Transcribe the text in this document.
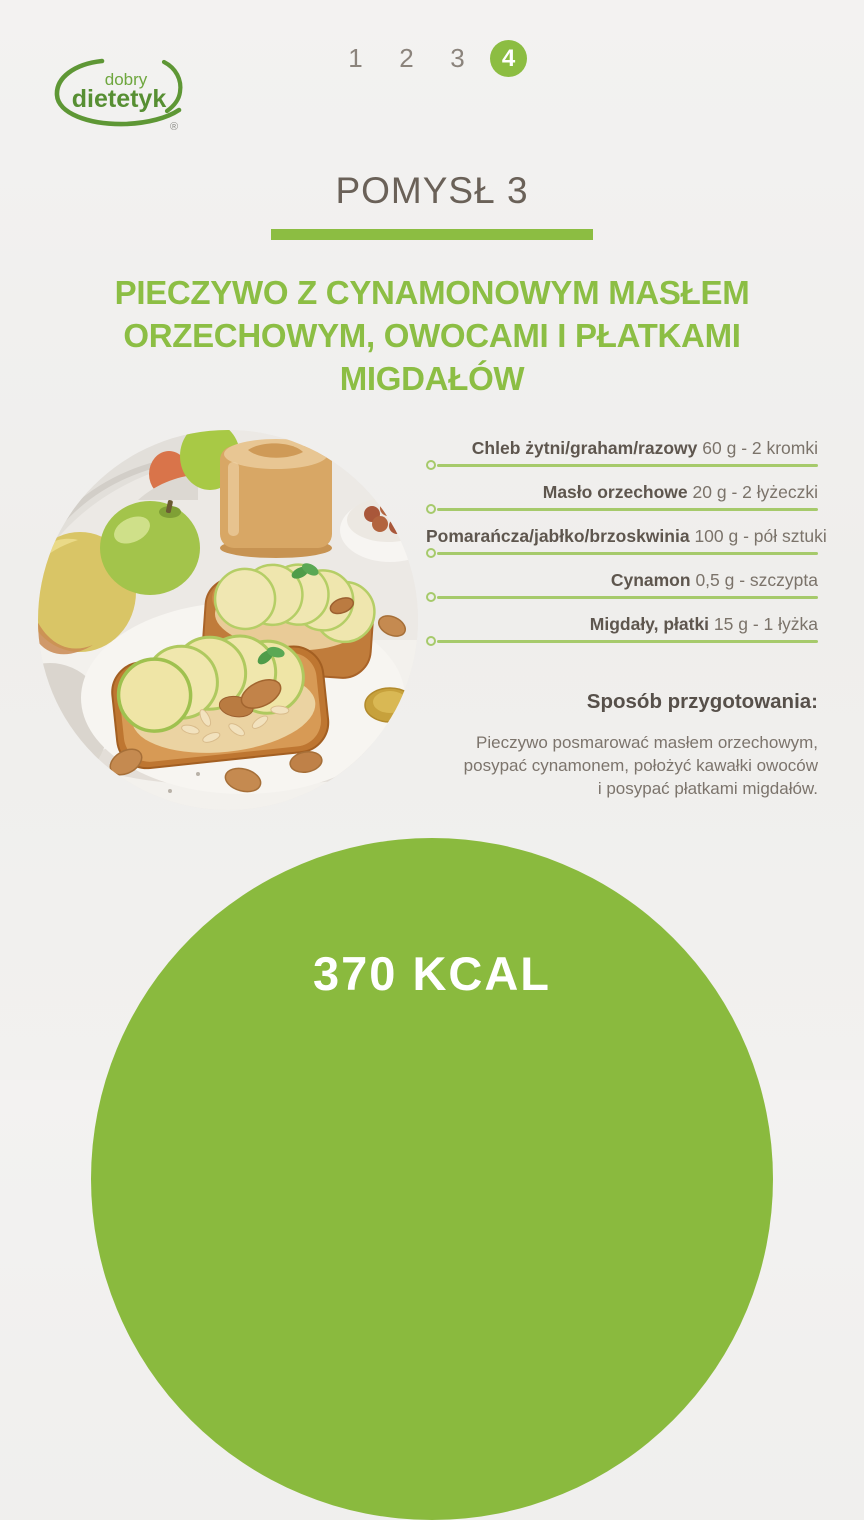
dobry
dietetyk
®
1	2	3	4
POMYSŁ 3
PIECZYWO Z CYNAMONOWYM MASŁEM
ORZECHOWYM, OWOCAMI I PŁATKAMI
MIGDAŁÓW
Chleb żytni/graham/razowy 60 g - 2 kromki
Masło orzechowe 20 g - 2 łyżeczki
Pomarańcza/jabłko/brzoskwinia 100 g - pół sztuki
Cynamon 0,5 g - szczypta
Migdały, płatki 15 g - 1 łyżka
Sposób przygotowania:
Pieczywo posmarować masłem orzechowym,
posypać cynamonem, położyć kawałki owoców
i posypać płatkami migdałów.
370 KCAL
